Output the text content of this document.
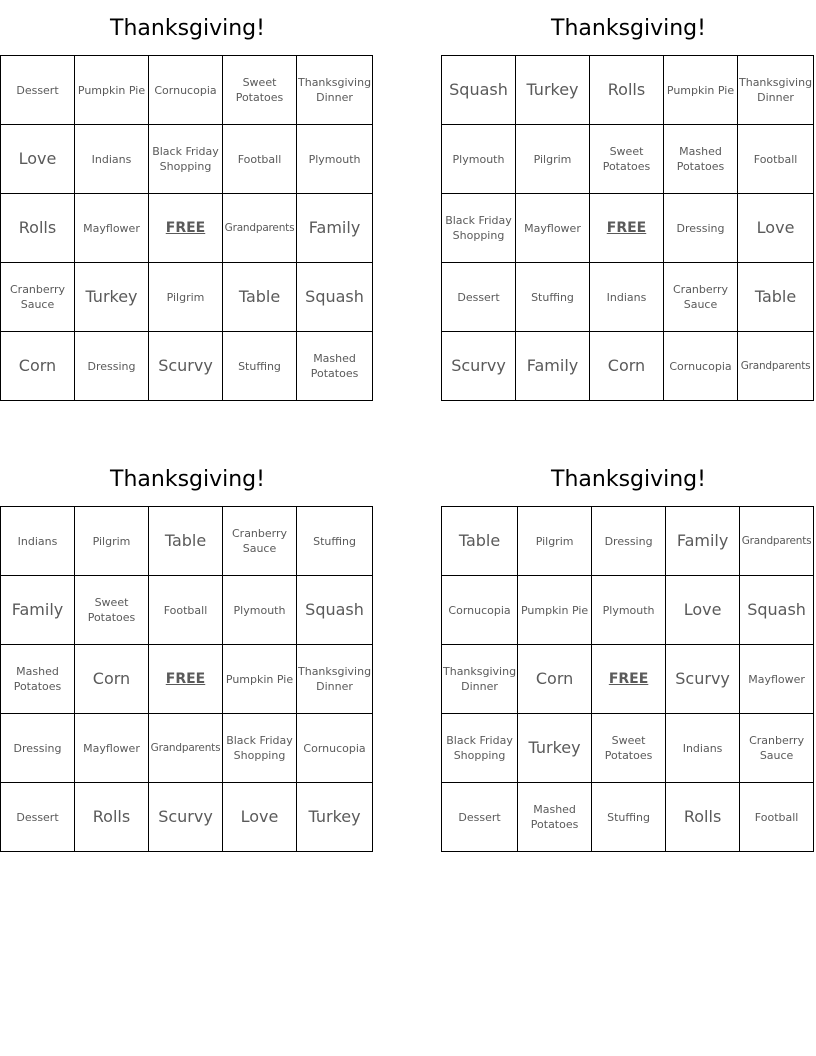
Thanksgiving!
Dessert	Pumpkin Pie	Cornucopia	Sweet Potatoes	Thanksgiving Dinner
Love	Indians	Black Friday Shopping	Football	Plymouth
Rolls	Mayflower	FREE	Grandparents	Family
Cranberry Sauce	Turkey	Pilgrim	Table	Squash
Corn	Dressing	Scurvy	Stuffing	Mashed Potatoes
Thanksgiving!
Squash	Turkey	Rolls	Pumpkin Pie	Thanksgiving Dinner
Plymouth	Pilgrim	Sweet Potatoes	Mashed Potatoes	Football
Black Friday Shopping	Mayflower	FREE	Dressing	Love
Dessert	Stuffing	Indians	Cranberry Sauce	Table
Scurvy	Family	Corn	Cornucopia	Grandparents
Thanksgiving!
Indians	Pilgrim	Table	Cranberry Sauce	Stuffing
Family	Sweet Potatoes	Football	Plymouth	Squash
Mashed Potatoes	Corn	FREE	Pumpkin Pie	Thanksgiving Dinner
Dressing	Mayflower	Grandparents	Black Friday Shopping	Cornucopia
Dessert	Rolls	Scurvy	Love	Turkey
Thanksgiving!
Table	Pilgrim	Dressing	Family	Grandparents
Cornucopia	Pumpkin Pie	Plymouth	Love	Squash
Thanksgiving Dinner	Corn	FREE	Scurvy	Mayflower
Black Friday Shopping	Turkey	Sweet Potatoes	Indians	Cranberry Sauce
Dessert	Mashed Potatoes	Stuffing	Rolls	Football
